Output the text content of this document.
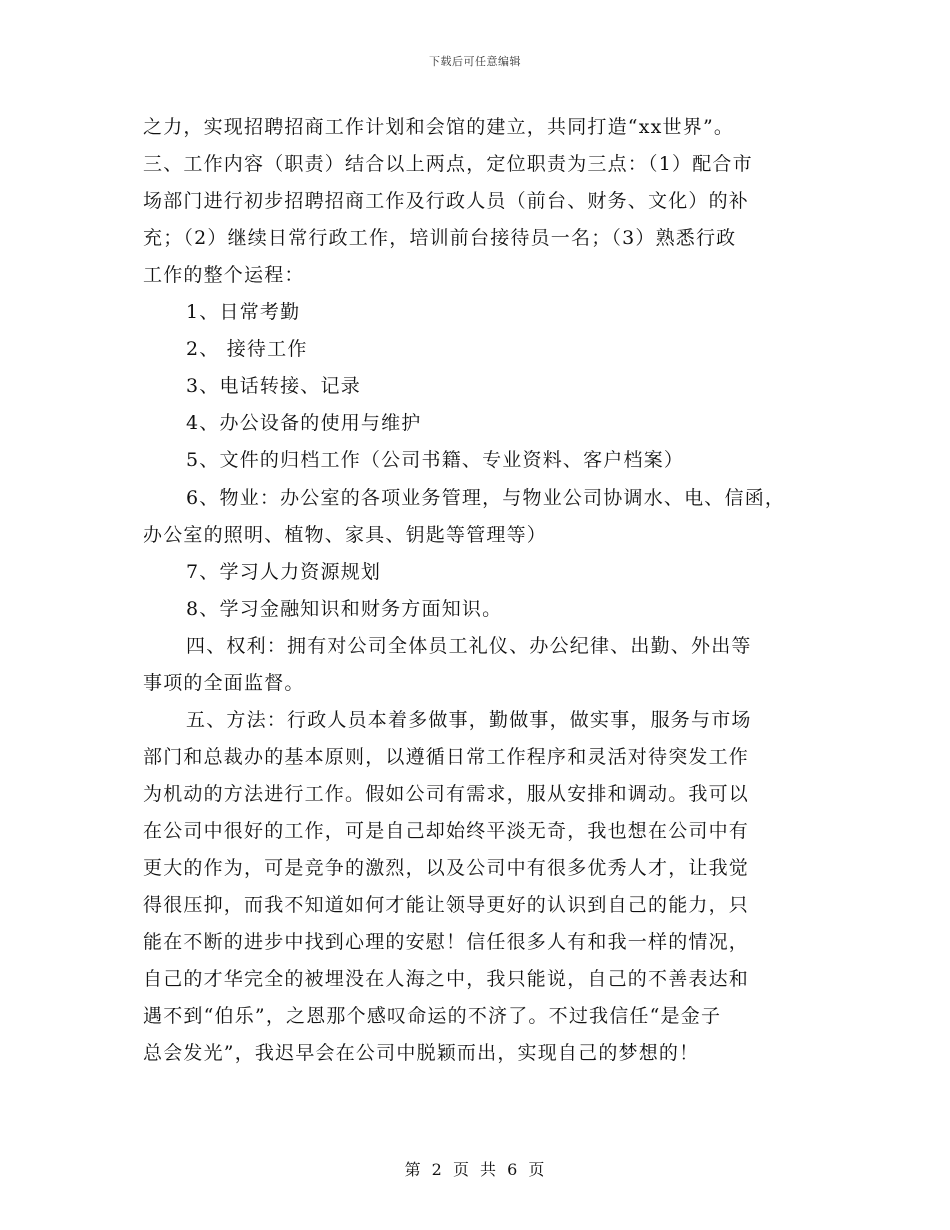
下载后可任意编辑
之力，实现招聘招商工作计划和会馆的建立，共同打造“xx世界”。
三、工作内容（职责）结合以上两点，定位职责为三点：（1）配合市
场部门进行初步招聘招商工作及行政人员（前台、财务、文化）的补
充；（2）继续日常行政工作，培训前台接待员一名；（3）熟悉行政
工作的整个运程：
1、日常考勤
2、 接待工作
3、电话转接、记录
4、办公设备的使用与维护
5、文件的归档工作（公司书籍、专业资料、客户档案）
6、物业：办公室的各项业务管理，与物业公司协调水、电、信函，
办公室的照明、植物、家具、钥匙等管理等）
7、学习人力资源规划
8、学习金融知识和财务方面知识。
四、权利：拥有对公司全体员工礼仪、办公纪律、出勤、外出等
事项的全面监督。
五、方法：行政人员本着多做事，勤做事，做实事，服务与市场
部门和总裁办的基本原则，以遵循日常工作程序和灵活对待突发工作
为机动的方法进行工作。假如公司有需求，服从安排和调动。我可以
在公司中很好的工作，可是自己却始终平淡无奇，我也想在公司中有
更大的作为，可是竞争的激烈，以及公司中有很多优秀人才，让我觉
得很压抑，而我不知道如何才能让领导更好的认识到自己的能力，只
能在不断的进步中找到心理的安慰！信任很多人有和我一样的情况，
自己的才华完全的被埋没在人海之中，我只能说，自己的不善表达和
遇不到“伯乐”，之恩那个感叹命运的不济了。不过我信任“是金子
总会发光”，我迟早会在公司中脱颖而出，实现自己的梦想的！
第 2 页 共 6 页
